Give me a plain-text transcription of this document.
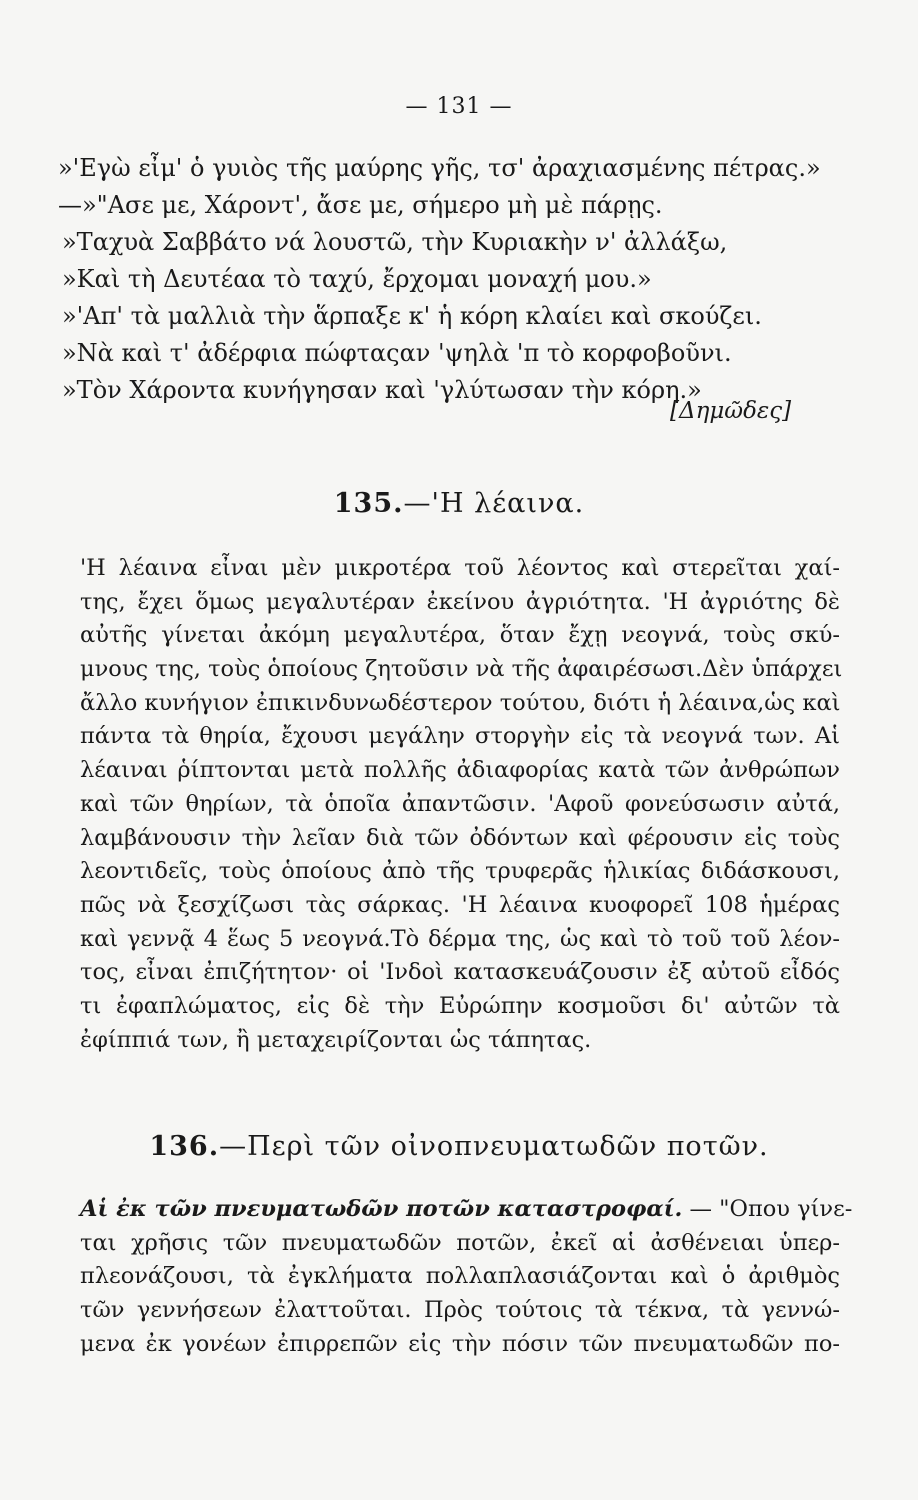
— 131 —
»'Εγὼ εἶμ' ὁ γυιὸς τῆς μαύρης γῆς, τσ' ἀραχιασμένης πέτρας.»
—»"Ασε με, Χάροντ', ἄσε με, σήμερο μὴ μὲ πάρῃς.
»Ταχυὰ Σαββάτο νά λουστῶ, τὴν Κυριακὴν ν' ἀλλάξω,
»Καὶ τὴ Δευτέαα τὸ ταχύ, ἔρχομαι μοναχή μου.»
»'Απ' τὰ μαλλιὰ τὴν ἅρπαξε κ' ἡ κόρη κλαίει καὶ σκούζει.
»Νὰ καὶ τ' ἀδέρφια πώφταςαν 'ψηλὰ 'π τὸ κορφοβοῦνι.
»Τὸν Χάροντα κυνήγησαν καὶ 'γλύτωσαν τὴν κόρη.»
[Δημῶδες]
135.—'Η λέαινα.
'Η λέαινα εἶναι μὲν μικροτέρα τοῦ λέοντος καὶ στερεῖται χαί-
της, ἔχει ὅμως μεγαλυτέραν ἐκείνου ἀγριότητα. 'Η ἀγριότης δὲ
αὐτῆς γίνεται ἀκόμη μεγαλυτέρα, ὅταν ἔχῃ νεογνά, τοὺς σκύ-
μνους της, τοὺς ὁποίους ζητοῦσιν νὰ τῆς ἀφαιρέσωσι.Δὲν ὑπάρχει
ἄλλο κυνήγιον ἐπικινδυνωδέστερον τούτου, διότι ἡ λέαινα,ὡς καὶ
πάντα τὰ θηρία, ἔχουσι μεγάλην στοργὴν εἰς τὰ νεογνά των. Αἱ
λέαιναι ῥίπτονται μετὰ πολλῆς ἀδιαφορίας κατὰ τῶν ἀνθρώπων
καὶ τῶν θηρίων, τὰ ὁποῖα ἀπαντῶσιν. 'Αφοῦ φονεύσωσιν αὐτά,
λαμβάνουσιν τὴν λεῖαν διὰ τῶν ὀδόντων καὶ φέρουσιν εἰς τοὺς
λεοντιδεῖς, τοὺς ὁποίους ἀπὸ τῆς τρυφερᾶς ἡλικίας διδάσκουσι,
πῶς νὰ ξεσχίζωσι τὰς σάρκας. 'Η λέαινα κυοφορεῖ 108 ἡμέρας
καὶ γεννᾷ 4 ἕως 5 νεογνά.Τὸ δέρμα της, ὡς καὶ τὸ τοῦ τοῦ λέον-
τος, εἶναι ἐπιζήτητον· οἱ 'Ινδοὶ κατασκευάζουσιν ἐξ αὐτοῦ εἶδός
τι ἐφαπλώματος, εἰς δὲ τὴν Εὐρώπην κοσμοῦσι δι' αὐτῶν τὰ
ἐφίππιά των, ἢ μεταχειρίζονται ὡς τάπητας.
136.—Περὶ τῶν οἰνοπνευματωδῶν ποτῶν.
Αἱ ἐκ τῶν πνευματωδῶν ποτῶν καταστροφαί. — "Οπου γίνε-
ται χρῆσις τῶν πνευματωδῶν ποτῶν, ἐκεῖ αἱ ἀσθένειαι ὑπερ-
πλεονάζουσι, τὰ ἐγκλήματα πολλαπλασιάζονται καὶ ὁ ἀριθμὸς
τῶν γεννήσεων ἐλαττοῦται. Πρὸς τούτοις τὰ τέκνα, τὰ γεννώ-
μενα ἐκ γονέων ἐπιρρεπῶν εἰς τὴν πόσιν τῶν πνευματωδῶν πο-
